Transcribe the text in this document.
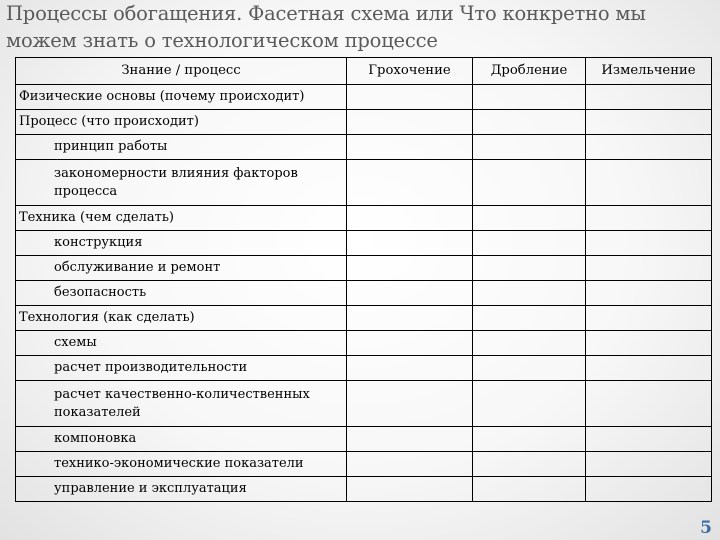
Процессы обогащения. Фасетная схема или Что конкретно мы
можем знать о технологическом процессе
Знание / процесс	Грохочение	Дробление	Измельчение
Физические основы (почему происходит)			
Процесс (что происходит)			
принцип работы			
закономерности влияния факторов процесса			
Техника (чем сделать)			
конструкция			
обслуживание и ремонт			
безопасность			
Технология (как сделать)			
схемы			
расчет производительности			
расчет качественно-количественных показателей			
компоновка			
технико-экономические показатели			
управление и эксплуатация			
5
